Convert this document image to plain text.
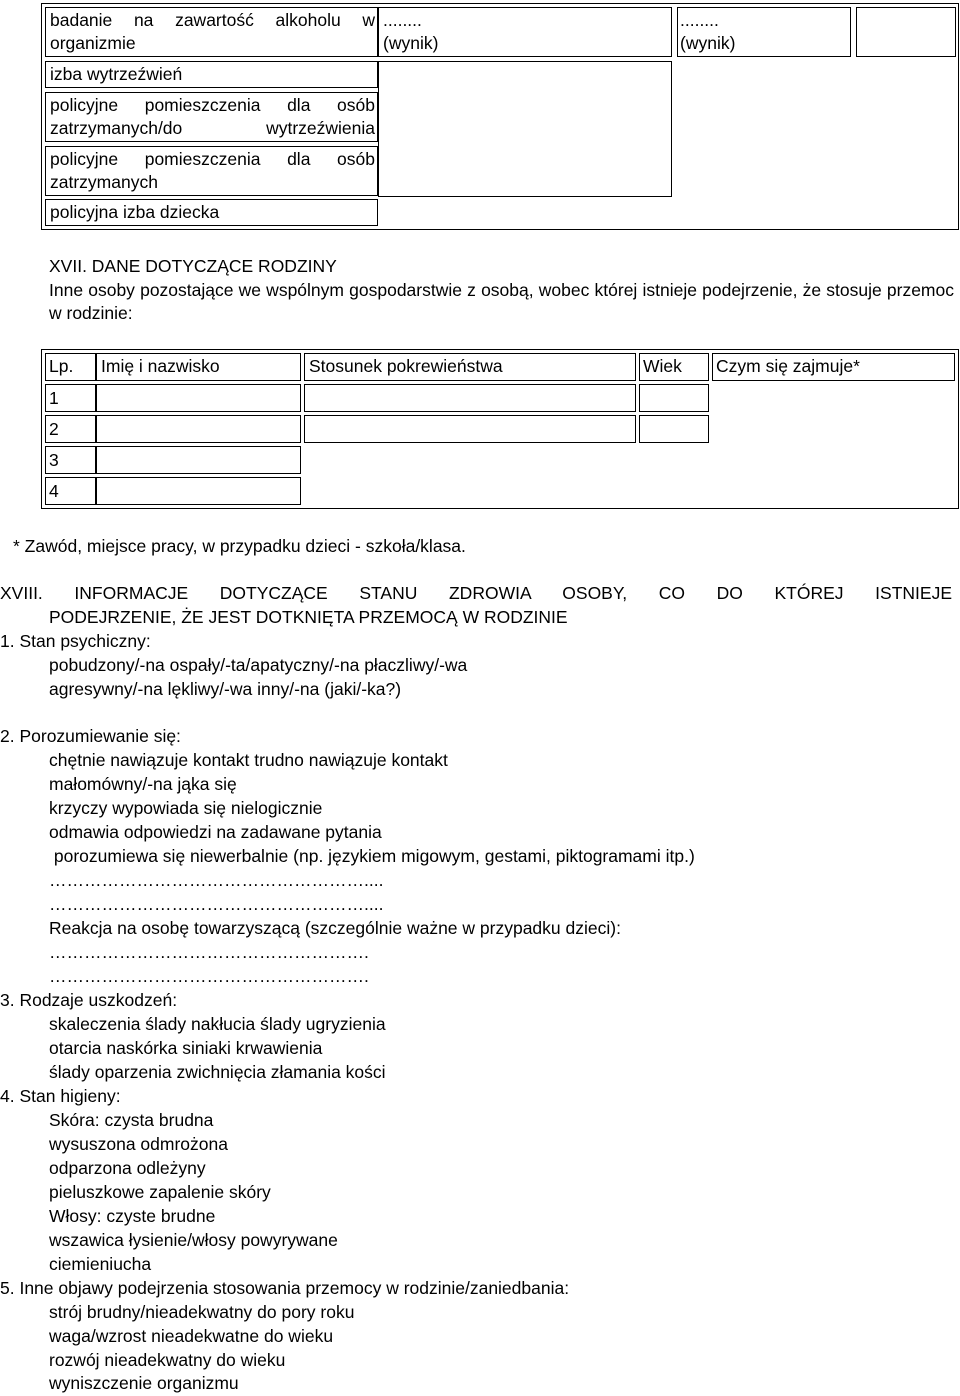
badanie na zawartość alkoholu w organizmie
........ (wynik)
........ (wynik)
izba wytrzeźwień
policyjne pomieszczenia dla osób zatrzymanych/do wytrzeźwienia
policyjne pomieszczenia dla osób zatrzymanych
policyjna izba dziecka
XVII. DANE DOTYCZĄCE RODZINY
Inne osoby pozostające we wspólnym gospodarstwie z osobą, wobec której istnieje podejrzenie, że stosuje przemoc w rodzinie:
Lp. Imię i nazwisko	Stosunek pokrewieństwa	Wiek Czym się zajmuje*
1
2
3
4
* Zawód, miejsce pracy, w przypadku dzieci - szkoła/klasa.
XVIII. INFORMACJE DOTYCZĄCE STANU ZDROWIA OSOBY, CO DO KTÓREJ ISTNIEJE
PODEJRZENIE, ŻE JEST DOTKNIĘTA PRZEMOCĄ W RODZINIE
1. Stan psychiczny:
pobudzony/-na ospały/-ta/apatyczny/-na płaczliwy/-wa
agresywny/-na lękliwy/-wa inny/-na (jaki/-ka?)
2. Porozumiewanie się:
chętnie nawiązuje kontakt trudno nawiązuje kontakt
małomówny/-na jąka się
krzyczy wypowiada się nielogicznie
odmawia odpowiedzi na zadawane pytania
porozumiewa się niewerbalnie (np. językiem migowym, gestami, piktogramami itp.)
………………………………………………....
………………………………………………....
Reakcja na osobę towarzyszącą (szczególnie ważne w przypadku dzieci):
……………………………………………….
……………………………………………….
3. Rodzaje uszkodzeń:
skaleczenia ślady nakłucia ślady ugryzienia
otarcia naskórka siniaki krwawienia
ślady oparzenia zwichnięcia złamania kości
4. Stan higieny:
Skóra: czysta brudna
wysuszona odmrożona
odparzona odleżyny
pieluszkowe zapalenie skóry
Włosy: czyste brudne
wszawica łysienie/włosy powyrywane
ciemieniucha
5. Inne objawy podejrzenia stosowania przemocy w rodzinie/zaniedbania:
strój brudny/nieadekwatny do pory roku
waga/wzrost nieadekwatne do wieku
rozwój nieadekwatny do wieku
wyniszczenie organizmu
